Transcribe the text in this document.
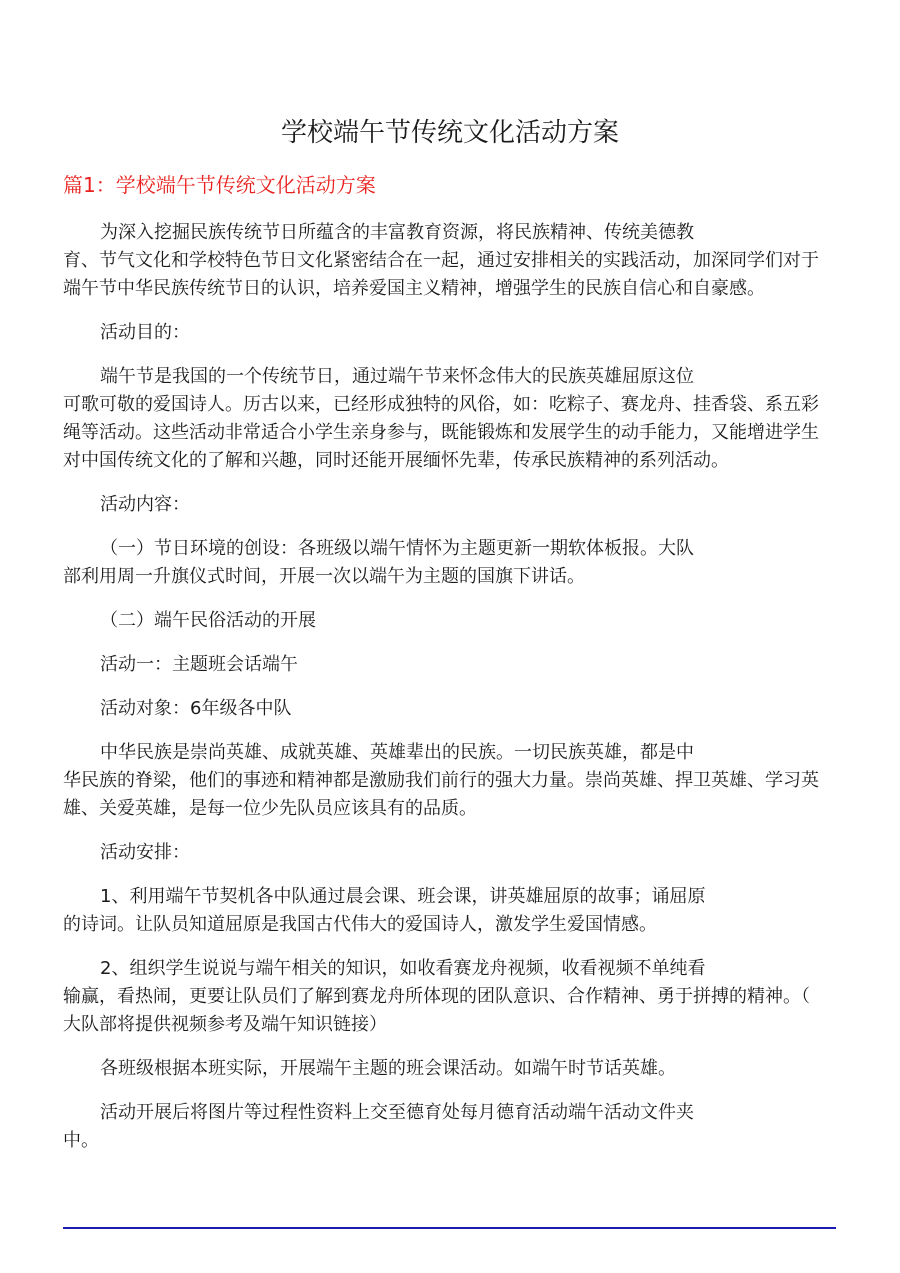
学校端午节传统文化活动方案
篇1：学校端午节传统文化活动方案
为深入挖掘民族传统节日所蕴含的丰富教育资源，将民族精神、传统美德教
育、节气文化和学校特色节日文化紧密结合在一起，通过安排相关的实践活动，加深同学们对于
端午节中华民族传统节日的认识，培养爱国主义精神，增强学生的民族自信心和自豪感。
活动目的：
端午节是我国的一个传统节日，通过端午节来怀念伟大的民族英雄屈原这位
可歌可敬的爱国诗人。历古以来，已经形成独特的风俗，如：吃粽子、赛龙舟、挂香袋、系五彩
绳等活动。这些活动非常适合小学生亲身参与，既能锻炼和发展学生的动手能力，又能增进学生
对中国传统文化的了解和兴趣，同时还能开展缅怀先辈，传承民族精神的系列活动。
活动内容：
（一）节日环境的创设：各班级以端午情怀为主题更新一期软体板报。大队
部利用周一升旗仪式时间，开展一次以端午为主题的国旗下讲话。
（二）端午民俗活动的开展
活动一：主题班会话端午
活动对象：6年级各中队
中华民族是崇尚英雄、成就英雄、英雄辈出的民族。一切民族英雄，都是中
华民族的脊梁，他们的事迹和精神都是激励我们前行的强大力量。崇尚英雄、捍卫英雄、学习英
雄、关爱英雄，是每一位少先队员应该具有的品质。
活动安排：
1、利用端午节契机各中队通过晨会课、班会课，讲英雄屈原的故事；诵屈原
的诗词。让队员知道屈原是我国古代伟大的爱国诗人，激发学生爱国情感。
2、组织学生说说与端午相关的知识，如收看赛龙舟视频，收看视频不单纯看
输赢，看热闹，更要让队员们了解到赛龙舟所体现的团队意识、合作精神、勇于拼搏的精神。（
大队部将提供视频参考及端午知识链接）
各班级根据本班实际，开展端午主题的班会课活动。如端午时节话英雄。
活动开展后将图片等过程性资料上交至德育处每月德育活动端午活动文件夹
中。
